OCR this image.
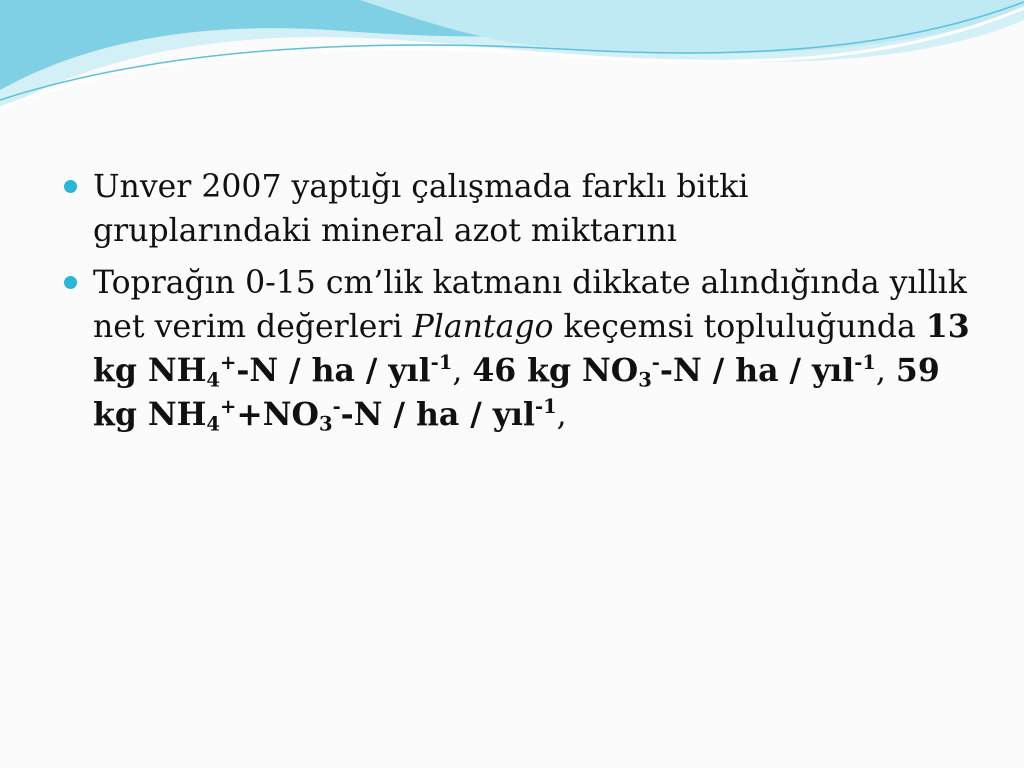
Unver 2007 yaptığı çalışmada farklı bitki gruplarındaki mineral azot miktarını
Toprağın 0-15 cm’lik katmanı dikkate alındığında yıllık net verim değerleri Plantago keçemsi topluluğunda 13 kg $NH_4^+-N$ / ha / yıl$^{-1}$, 46 kg $NO_3^--N$ / ha / yıl$^{-1}$, 59 kg $NH_4^++NO_3^--N$ / ha / yıl$^{-1}$,
